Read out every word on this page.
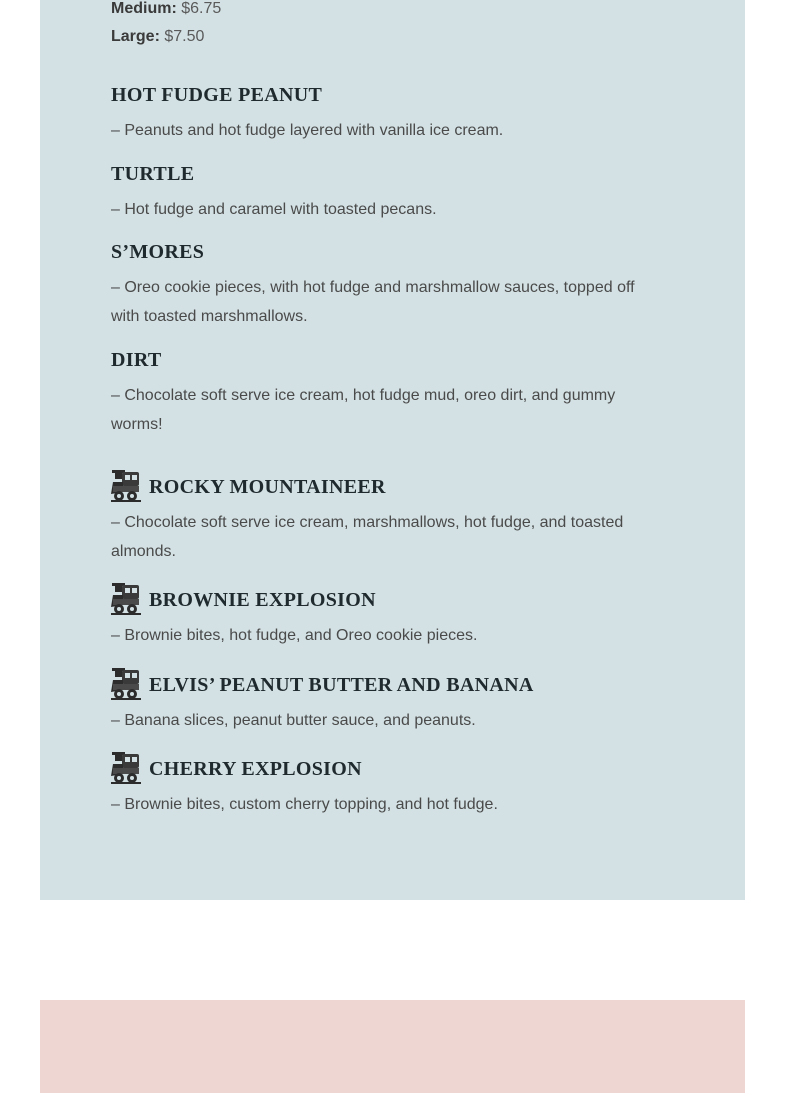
Medium: $6.75
Large: $7.50
HOT FUDGE PEANUT
– Peanuts and hot fudge layered with vanilla ice cream.
TURTLE
– Hot fudge and caramel with toasted pecans.
S’MORES
– Oreo cookie pieces, with hot fudge and marshmallow sauces, topped off with toasted marshmallows.
DIRT
– Chocolate soft serve ice cream, hot fudge mud, oreo dirt, and gummy worms!
ROCKY MOUNTAINEER
– Chocolate soft serve ice cream, marshmallows, hot fudge, and toasted almonds.
BROWNIE EXPLOSION
– Brownie bites, hot fudge, and Oreo cookie pieces.
ELVIS’ PEANUT BUTTER AND BANANA
– Banana slices, peanut butter sauce, and peanuts.
CHERRY EXPLOSION
– Brownie bites, custom cherry topping, and hot fudge.
